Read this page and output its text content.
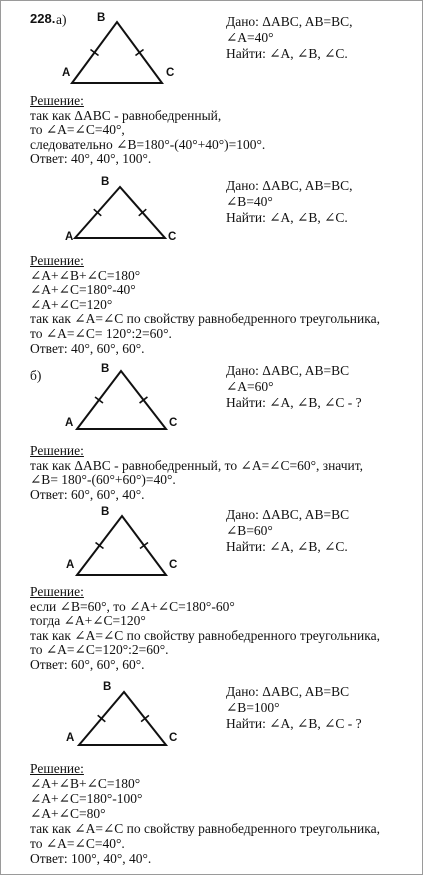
228. а)
б)
A
B
C
Дано: ΔABC, AB=BC,
∠A=40°
Найти: ∠A, ∠B, ∠C.
Решение:
так как ΔABC - равнобедренный,
то ∠A=∠C=40°,
следовательно ∠B=180°-(40°+40°)=100°.
Ответ: 40°, 40°, 100°.
A
B
C
Дано: ΔABC, AB=BC,
∠B=40°
Найти: ∠A, ∠B, ∠C.
Решение:
∠A+∠B+∠C=180°
∠A+∠C=180°-40°
∠A+∠C=120°
так как ∠A=∠C по свойству равнобедренного треугольника,
то ∠A=∠C= 120°:2=60°.
Ответ: 40°, 60°, 60°.
A
B
C
Дано: ΔABC, AB=BC
∠A=60°
Найти: ∠A, ∠B, ∠C - ?
Решение:
так как ΔABC - равнобедренный, то ∠A=∠C=60°, значит,
∠B= 180°-(60°+60°)=40°.
Ответ: 60°, 60°, 40°.
A
B
C
Дано: ΔABC, AB=BC
∠B=60°
Найти: ∠A, ∠B, ∠C.
Решение:
если ∠B=60°, то ∠A+∠C=180°-60°
тогда ∠A+∠C=120°
так как ∠A=∠C по свойству равнобедренного треугольника,
то ∠A=∠C=120°:2=60°.
Ответ: 60°, 60°, 60°.
A
B
C
Дано: ΔABC, AB=BC
∠B=100°
Найти: ∠A, ∠B, ∠C - ?
Решение:
∠A+∠B+∠C=180°
∠A+∠C=180°-100°
∠A+∠C=80°
так как ∠A=∠C по свойству равнобедренного треугольника,
то ∠A=∠C=40°.
Ответ: 100°, 40°, 40°.
